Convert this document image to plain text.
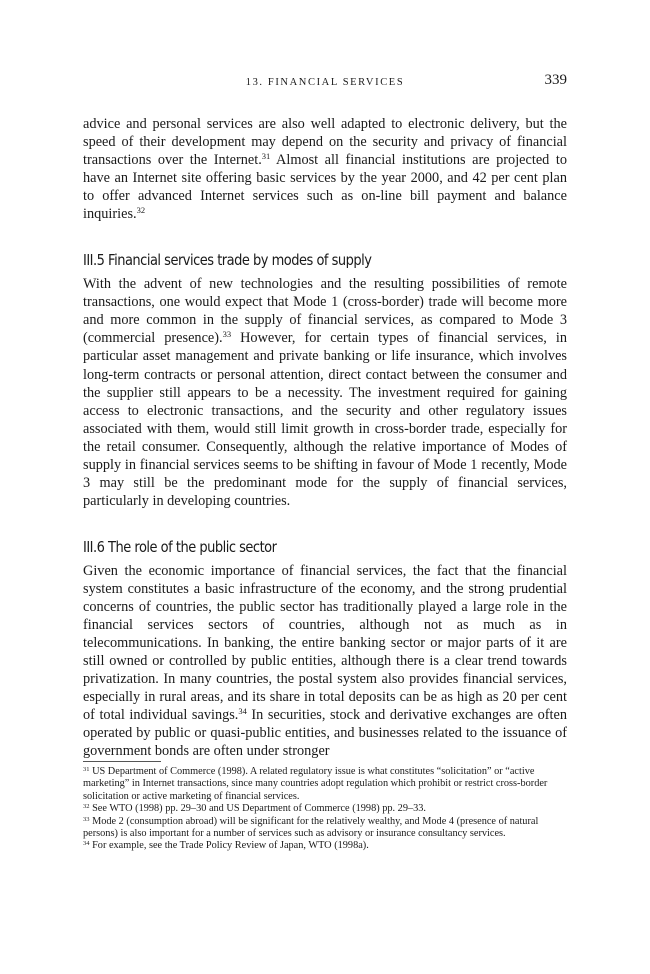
13. FINANCIAL SERVICES	339

advice and personal services are also well adapted to electronic delivery, but the speed of their development may depend on the security and privacy of financial transactions over the Internet.$^{31}$ Almost all financial institutions are projected to have an Internet site offering basic services by the year 2000, and 42 per cent plan to offer advanced Internet services such as on-line bill payment and balance inquiries.$^{32}$

III.5 Financial services trade by modes of supply

With the advent of new technologies and the resulting possibilities of remote transactions, one would expect that Mode 1 (cross-border) trade will become more and more common in the supply of financial services, as compared to Mode 3 (commercial presence).$^{33}$ However, for certain types of financial services, in particular asset management and private banking or life insurance, which involves long-term contracts or personal attention, direct contact between the consumer and the supplier still appears to be a necessity. The investment required for gaining access to electronic transactions, and the security and other regulatory issues associated with them, would still limit growth in cross-border trade, especially for the retail consumer. Consequently, although the relative importance of Modes of supply in financial services seems to be shifting in favour of Mode 1 recently, Mode 3 may still be the predominant mode for the supply of financial services, particularly in developing countries.

III.6 The role of the public sector

Given the economic importance of financial services, the fact that the financial system constitutes a basic infrastructure of the economy, and the strong prudential concerns of countries, the public sector has traditionally played a large role in the financial services sectors of countries, although not as much as in telecommunications. In banking, the entire banking sector or major parts of it are still owned or controlled by public entities, although there is a clear trend towards privatization. In many countries, the postal system also provides financial services, especially in rural areas, and its share in total deposits can be as high as 20 per cent of total individual savings.$^{34}$ In securities, stock and derivative exchanges are often operated by public or quasi-public entities, and businesses related to the issuance of government bonds are often under stronger

$^{31}$ US Department of Commerce (1998). A related regulatory issue is what constitutes “solicitation” or “active marketing” in Internet transactions, since many countries adopt regulation which prohibit or restrict cross-border solicitation or active marketing of financial services.

$^{32}$ See WTO (1998) pp. 29–30 and US Department of Commerce (1998) pp. 29–33.

$^{33}$ Mode 2 (consumption abroad) will be significant for the relatively wealthy, and Mode 4 (presence of natural persons) is also important for a number of services such as advisory or insurance consultancy services.

$^{34}$ For example, see the Trade Policy Review of Japan, WTO (1998a).
